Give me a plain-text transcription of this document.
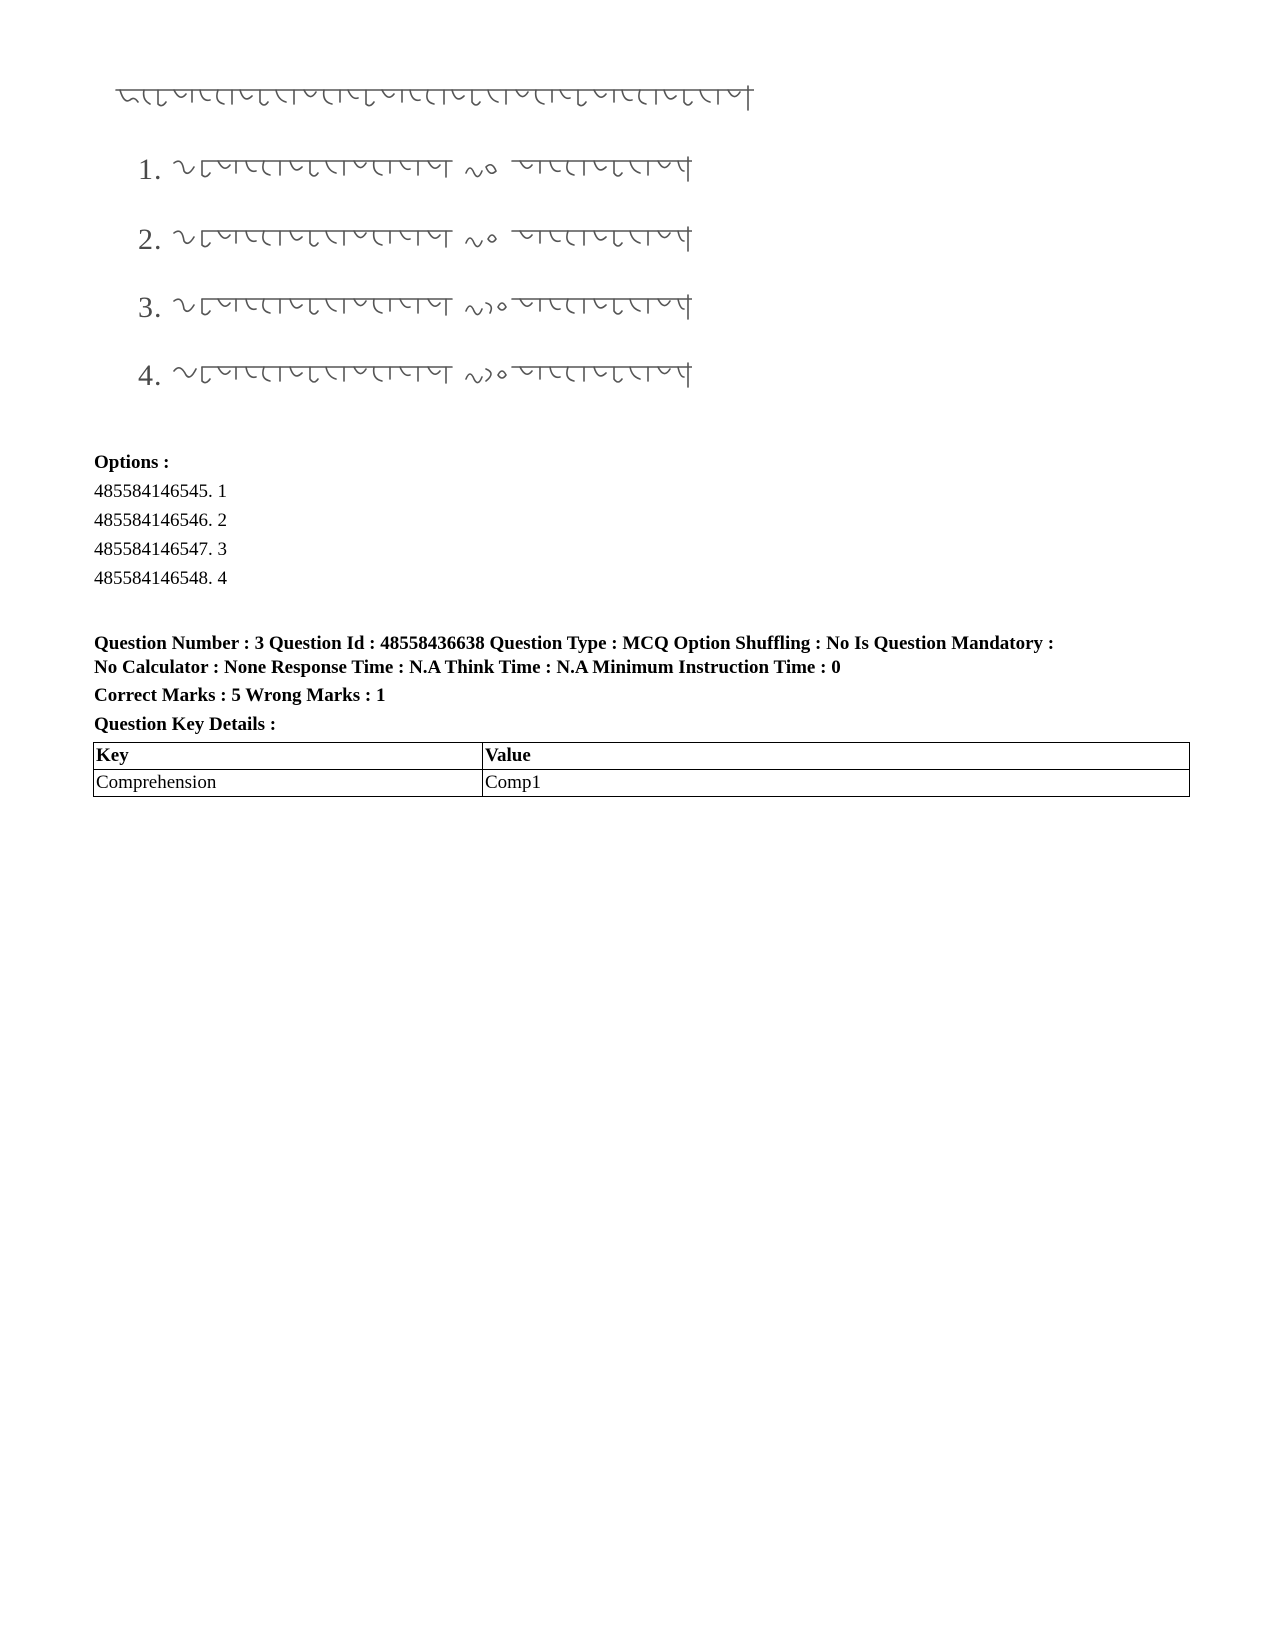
1.
2.
3.
4.
Options :
485584146545. 1
485584146546. 2
485584146547. 3
485584146548. 4
Question Number : 3 Question Id : 48558436638 Question Type : MCQ Option Shuffling : No Is Question Mandatory :
No Calculator : None Response Time : N.A Think Time : N.A Minimum Instruction Time : 0
Correct Marks : 5 Wrong Marks : 1
Question Key Details :
Key	Value
Comprehension	Comp1
